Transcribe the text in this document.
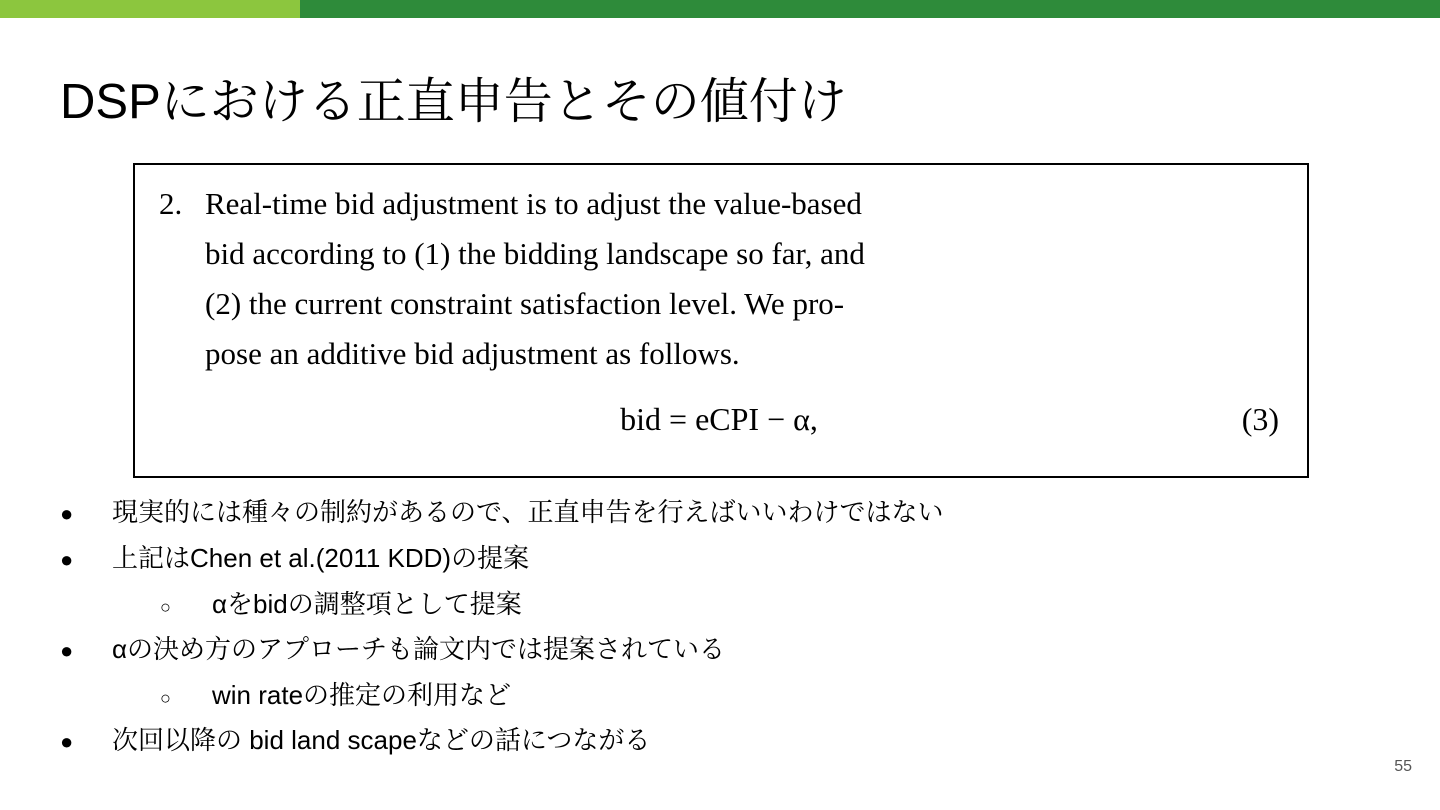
DSPにおける正直申告とその値付け
2. Real-time bid adjustment is to adjust the value-based
bid according to (1) the bidding landscape so far, and
(2) the current constraint satisfaction level. We pro-
pose an additive bid adjustment as follows.
bid = eCPI − α,	(3)
●	現実的には種々の制約があるので、正直申告を行えばいいわけではない
●	上記はChen et al.(2011 KDD)の提案
○	αをbidの調整項として提案
●	αの決め方のアプローチも論文内では提案されている
○	win rateの推定の利用など
●	次回以降の bid land scapeなどの話につながる
55
